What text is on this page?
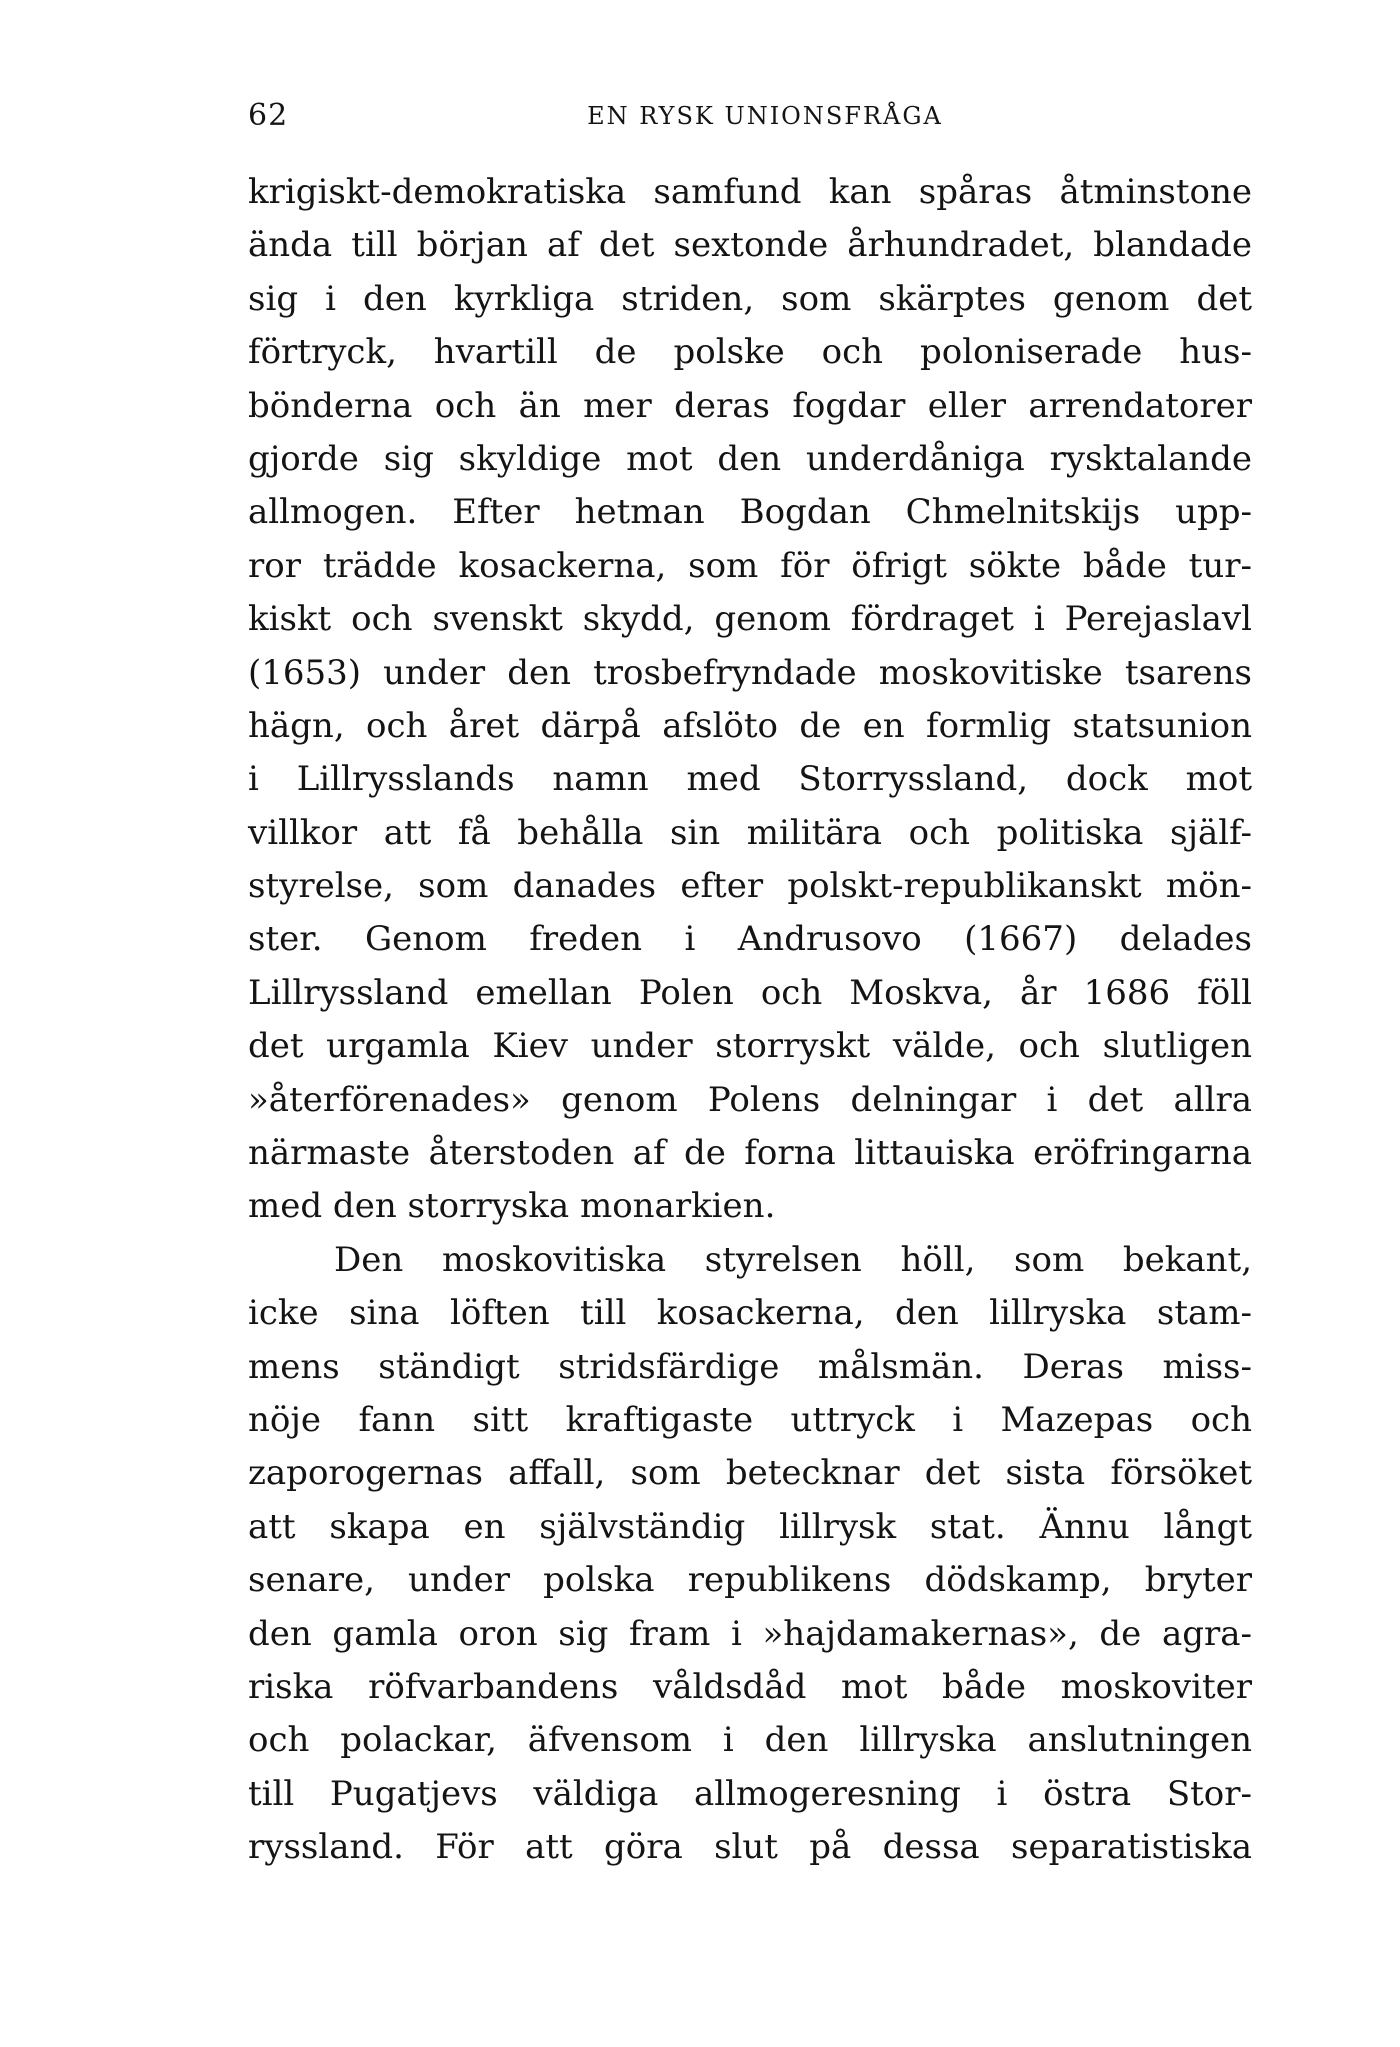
62	EN RYSK UNIONSFRÅGA
krigiskt-demokratiska samfund kan spåras åtminstone
ända till början af det sextonde århundradet, blandade
sig i den kyrkliga striden, som skärptes genom det
förtryck, hvartill de polske och poloniserade hus-
bönderna och än mer deras fogdar eller arrendatorer
gjorde sig skyldige mot den underdåniga rysktalande
allmogen. Efter hetman Bogdan Chmelnitskijs upp-
ror trädde kosackerna, som för öfrigt sökte både tur-
kiskt och svenskt skydd, genom fördraget i Perejaslavl
(1653) under den trosbefryndade moskovitiske tsarens
hägn, och året därpå afslöto de en formlig statsunion
i Lillrysslands namn med Storryssland, dock mot
villkor att få behålla sin militära och politiska själf-
styrelse, som danades efter polskt-republikanskt mön-
ster. Genom freden i Andrusovo (1667) delades
Lillryssland emellan Polen och Moskva, år 1686 föll
det urgamla Kiev under storryskt välde, och slutligen
»återförenades» genom Polens delningar i det allra
närmaste återstoden af de forna littauiska eröfringarna
med den storryska monarkien.
Den moskovitiska styrelsen höll, som bekant,
icke sina löften till kosackerna, den lillryska stam-
mens ständigt stridsfärdige målsmän. Deras miss-
nöje fann sitt kraftigaste uttryck i Mazepas och
zaporogernas affall, som betecknar det sista försöket
att skapa en självständig lillrysk stat. Ännu långt
senare, under polska republikens dödskamp, bryter
den gamla oron sig fram i »hajdamakernas», de agra-
riska röfvarbandens våldsdåd mot både moskoviter
och polackar, äfvensom i den lillryska anslutningen
till Pugatjevs väldiga allmogeresning i östra Stor-
ryssland. För att göra slut på dessa separatistiska
